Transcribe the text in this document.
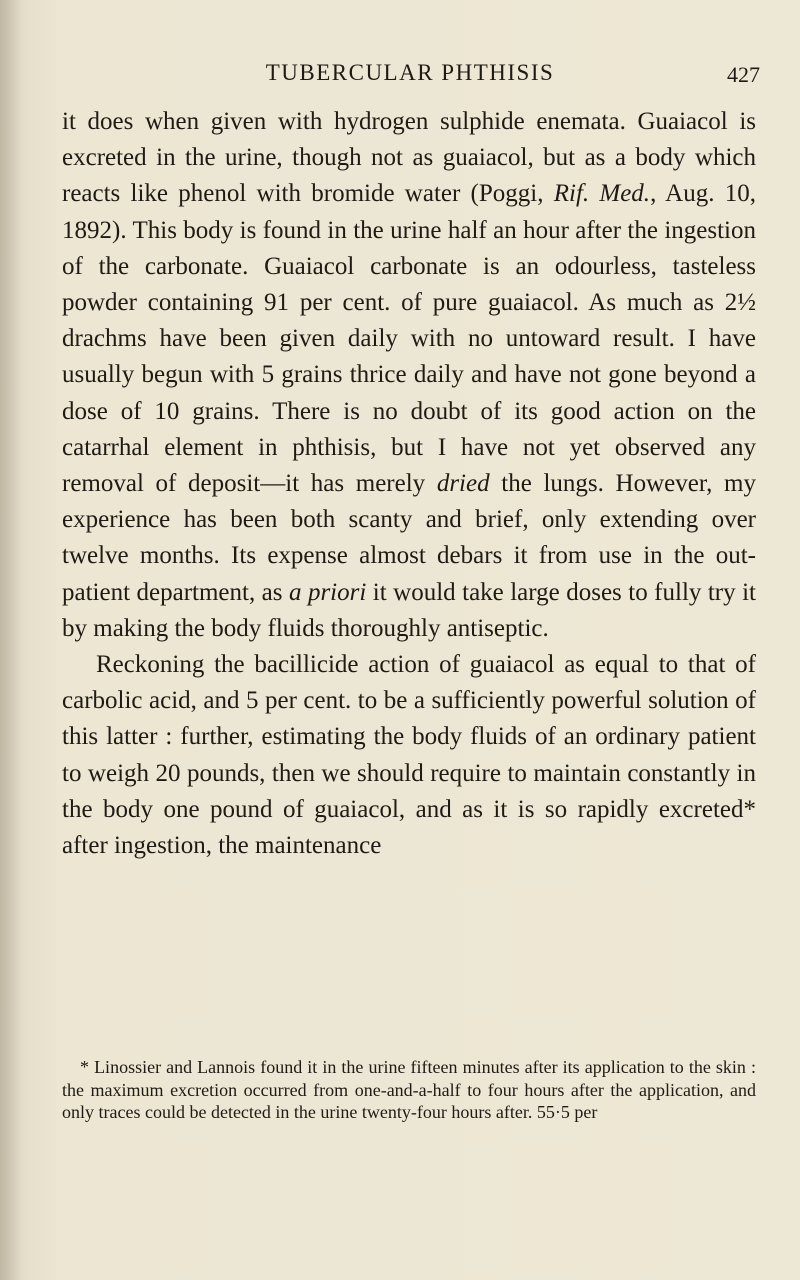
TUBERCULAR PHTHISIS	427

it does when given with hydrogen sulphide enemata. Guaiacol is excreted in the urine, though not as guaiacol, but as a body which reacts like phenol with bromide water (Poggi, Rif. Med., Aug. 10, 1892). This body is found in the urine half an hour after the ingestion of the carbonate. Guaiacol carbonate is an odourless, tasteless powder containing 91 per cent. of pure guaiacol. As much as 2½ drachms have been given daily with no untoward result. I have usually begun with 5 grains thrice daily and have not gone beyond a dose of 10 grains. There is no doubt of its good action on the catarrhal element in phthisis, but I have not yet observed any removal of deposit—it has merely dried the lungs. However, my experience has been both scanty and brief, only extending over twelve months. Its expense almost debars it from use in the out-patient department, as a priori it would take large doses to fully try it by making the body fluids thoroughly antiseptic.

Reckoning the bacillicide action of guaiacol as equal to that of carbolic acid, and 5 per cent. to be a sufficiently powerful solution of this latter : further, estimating the body fluids of an ordinary patient to weigh 20 pounds, then we should require to maintain constantly in the body one pound of guaiacol, and as it is so rapidly excreted* after ingestion, the maintenance

* Linossier and Lannois found it in the urine fifteen minutes after its application to the skin : the maximum excretion occurred from one-and-a-half to four hours after the application, and only traces could be detected in the urine twenty-four hours after. 55·5 per
